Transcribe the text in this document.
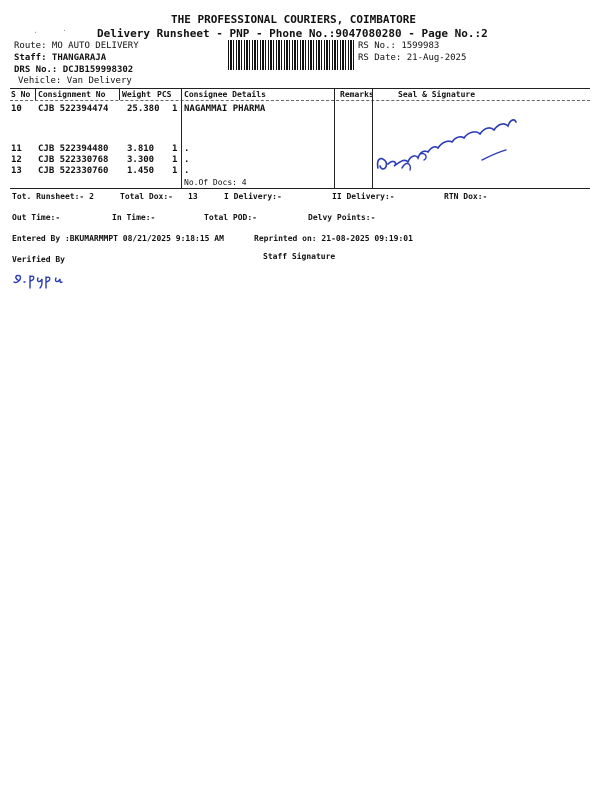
THE PROFESSIONAL COURIERS, COIMBATORE
Delivery Runsheet - PNP - Phone No.:9047080280 - Page No.:2
Route: MO AUTO DELIVERY
Staff: THANGARAJA
DRS No.: DCJB159998302
Vehicle: Van Delivery
RS No.: 1599983
RS Date: 21-Aug-2025
S No Consignment No Weight PCS Consignee Details	Remarks	Seal & Signature
10 CJB 522394474 25.380 1 NAGAMMAI PHARMA
11 CJB 522394480 3.810 1 .
12 CJB 522330768 3.300 1 .
13 CJB 522330760 1.450 1 .
No.Of Docs: 4
Tot. Runsheet:- 2	Total Dox:- 13	I Delivery:-	II Delivery:-	RTN Dox:-
Out Time:-	In Time:-	Total POD:-	Delvy Points:-
Entered By :BKUMARMMPT 08/21/2025 9:18:15 AM	Reprinted on: 21-08-2025 09:19:01
Verified By	Staff Signature
·	·
